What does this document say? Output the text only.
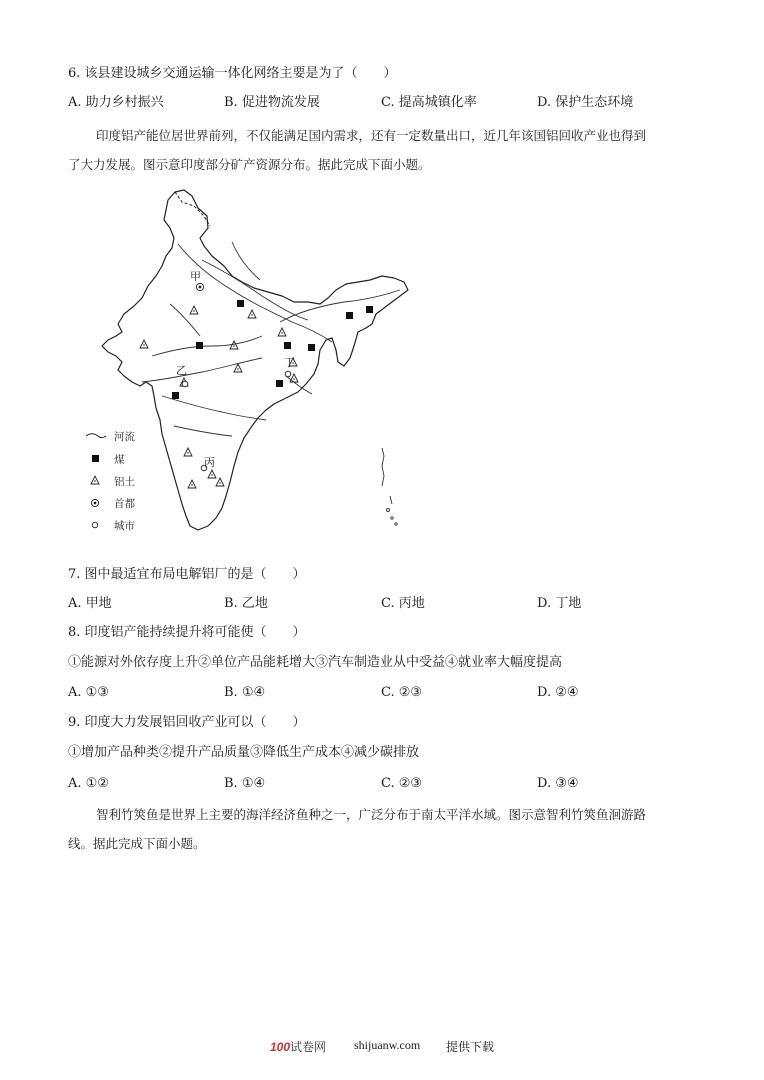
6. 该县建设城乡交通运输一体化网络主要是为了（　　）
A. 助力乡村振兴	B. 促进物流发展	C. 提高城镇化率	D. 保护生态环境
印度铝产能位居世界前列，不仅能满足国内需求，还有一定数量出口，近几年该国铝回收产业也得到
了大力发展。图示意印度部分矿产资源分布。据此完成下面小题。
甲
乙
丙
丁
河流
煤
铝土
首都
城市
7. 图中最适宜布局电解铝厂的是（　　）
A. 甲地	B. 乙地	C. 丙地	D. 丁地
8. 印度铝产能持续提升将可能使（　　）
①能源对外依存度上升②单位产品能耗增大③汽车制造业从中受益④就业率大幅度提高
A. ①③	B. ①④	C. ②③	D. ②④
9. 印度大力发展铝回收产业可以（　　）
①增加产品种类②提升产品质量③降低生产成本④减少碳排放
A. ①②	B. ①④	C. ②③	D. ③④
智利竹筴鱼是世界上主要的海洋经济鱼种之一，广泛分布于南太平洋水域。图示意智利竹筴鱼洄游路
线。据此完成下面小题。
100试卷网 shijuanw.com 提供下载
